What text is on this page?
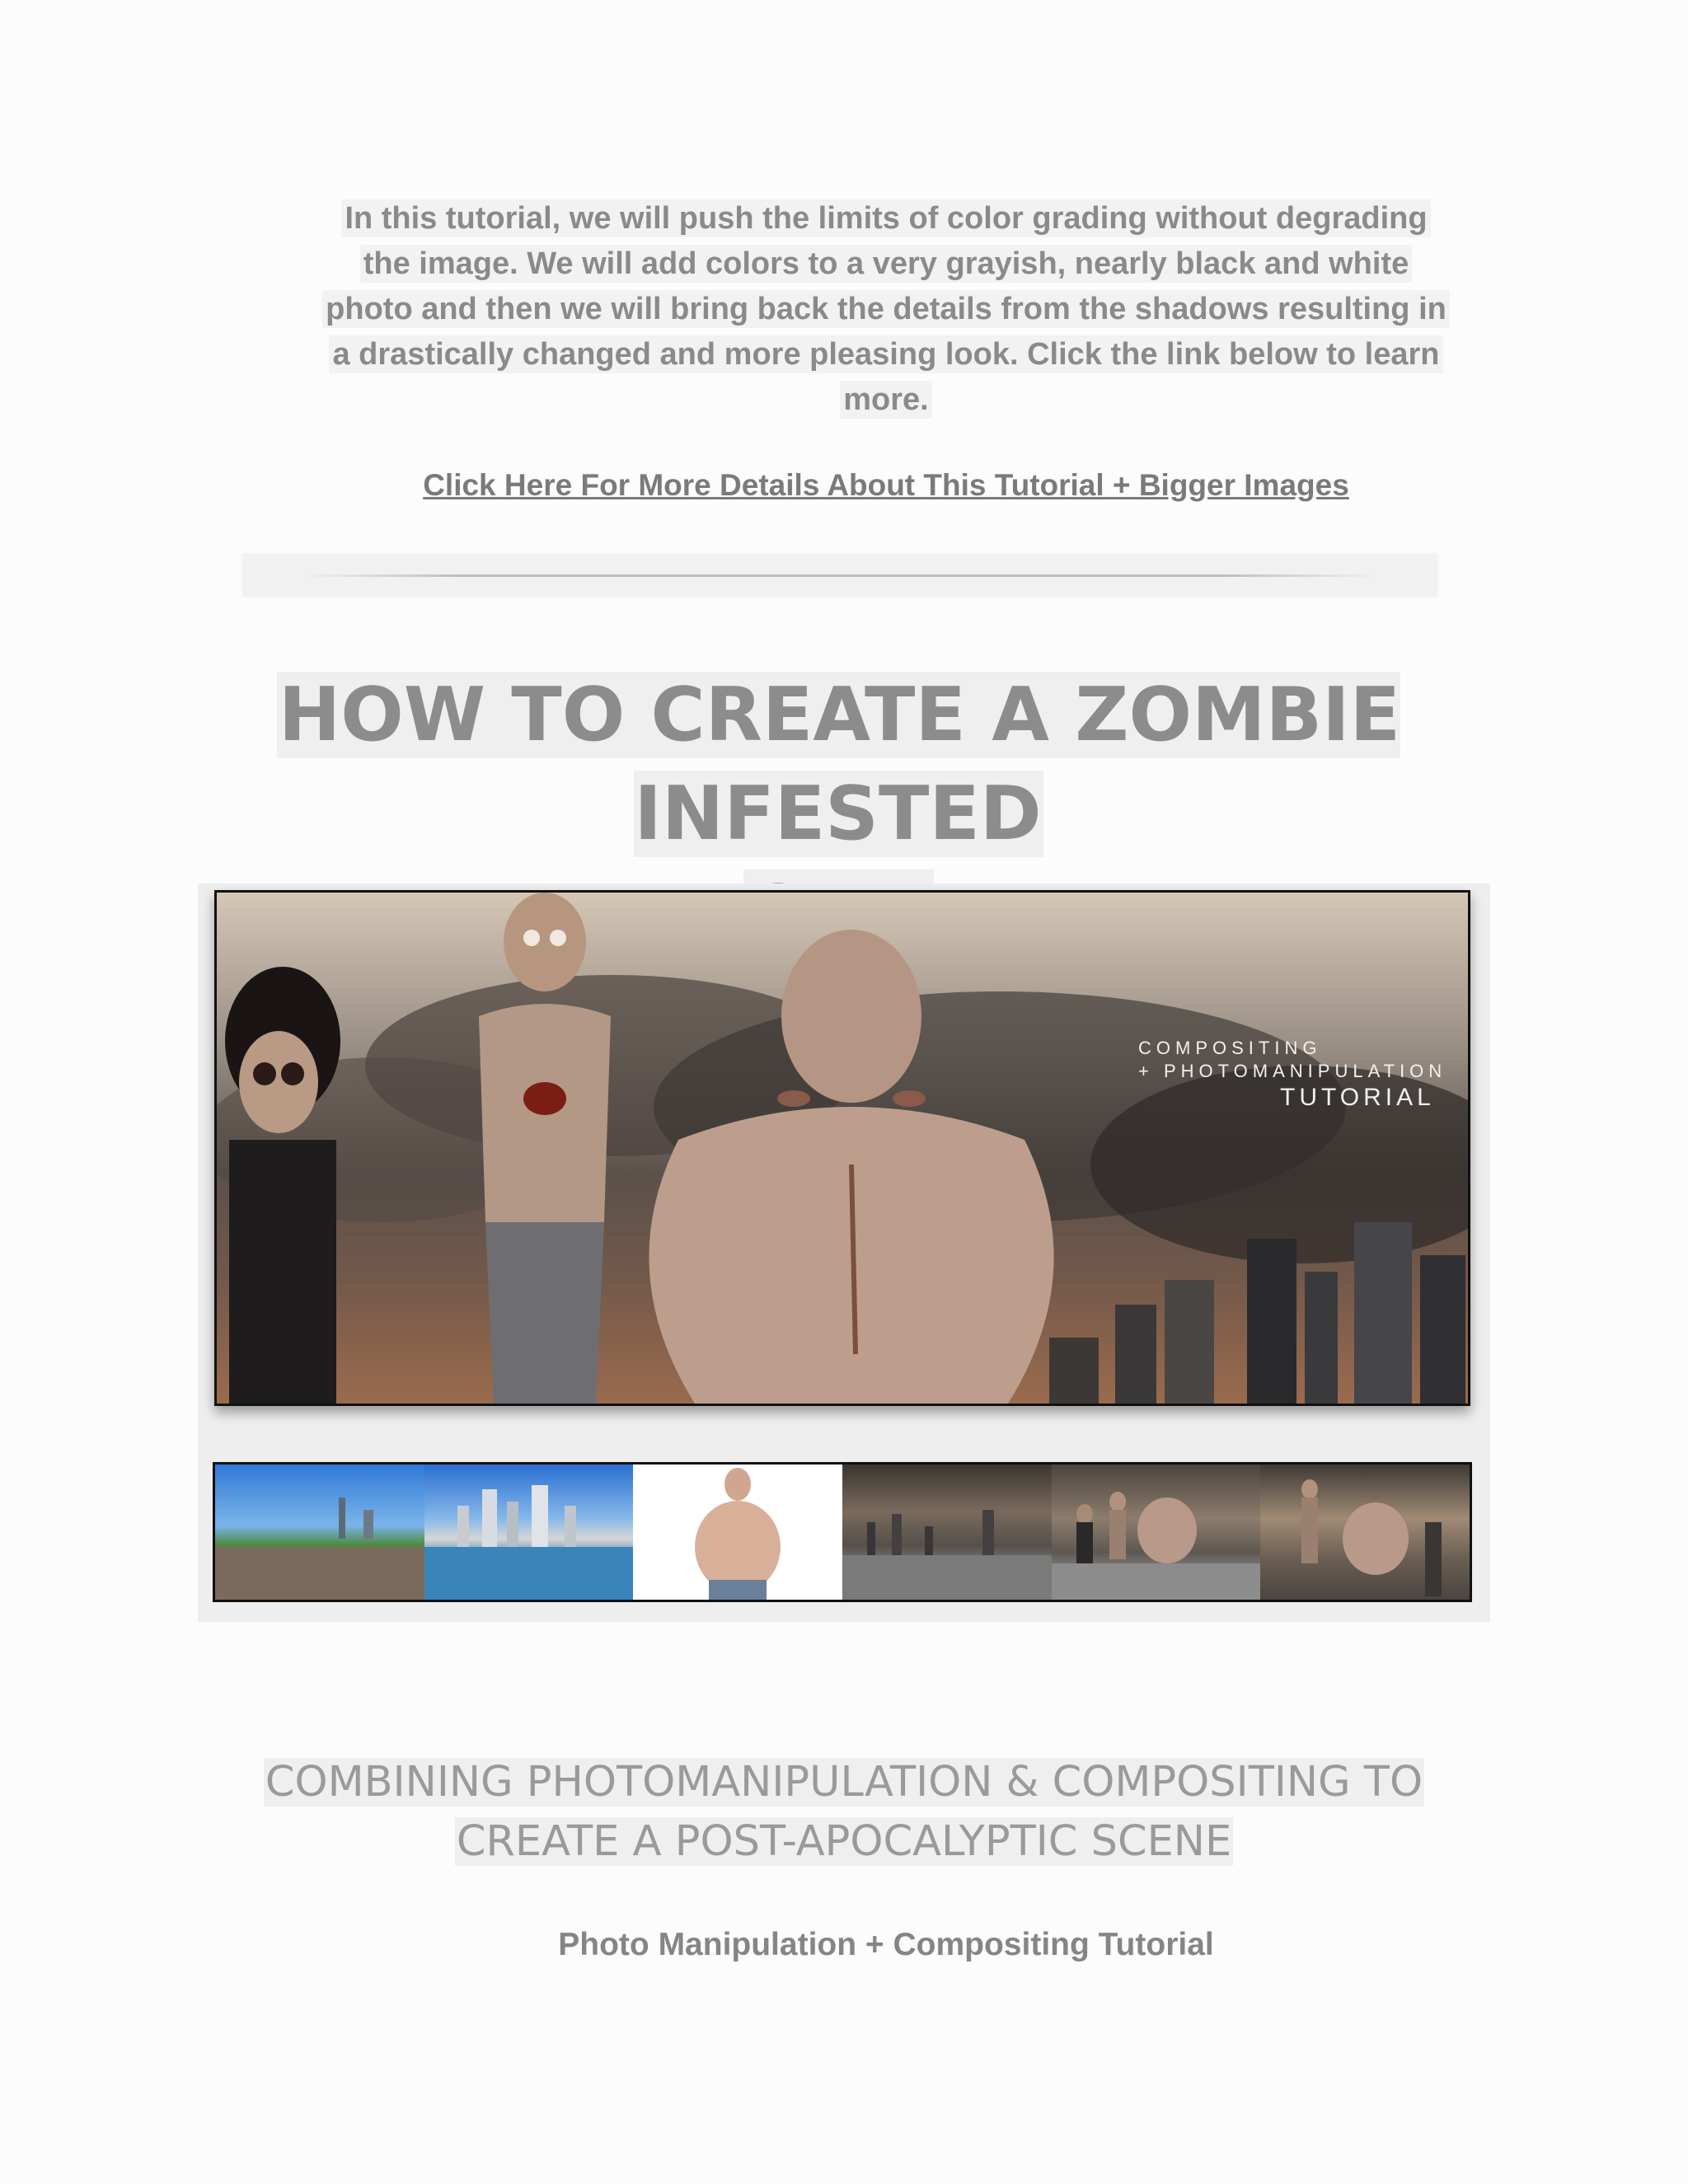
In this tutorial, we will push the limits of color grading without degrading
the image. We will add colors to a very grayish, nearly black and white
photo and then we will bring back the details from the shadows resulting in
a drastically changed and more pleasing look. Click the link below to learn
more.
Click Here For More Details About This Tutorial + Bigger Images
HOW TO CREATE A ZOMBIE INFESTED
COMPOSITING
+ PHOTOMANIPULATION
TUTORIAL
COMBINING PHOTOMANIPULATION & COMPOSITING TO
CREATE A POST-APOCALYPTIC SCENE
Photo Manipulation + Compositing Tutorial
